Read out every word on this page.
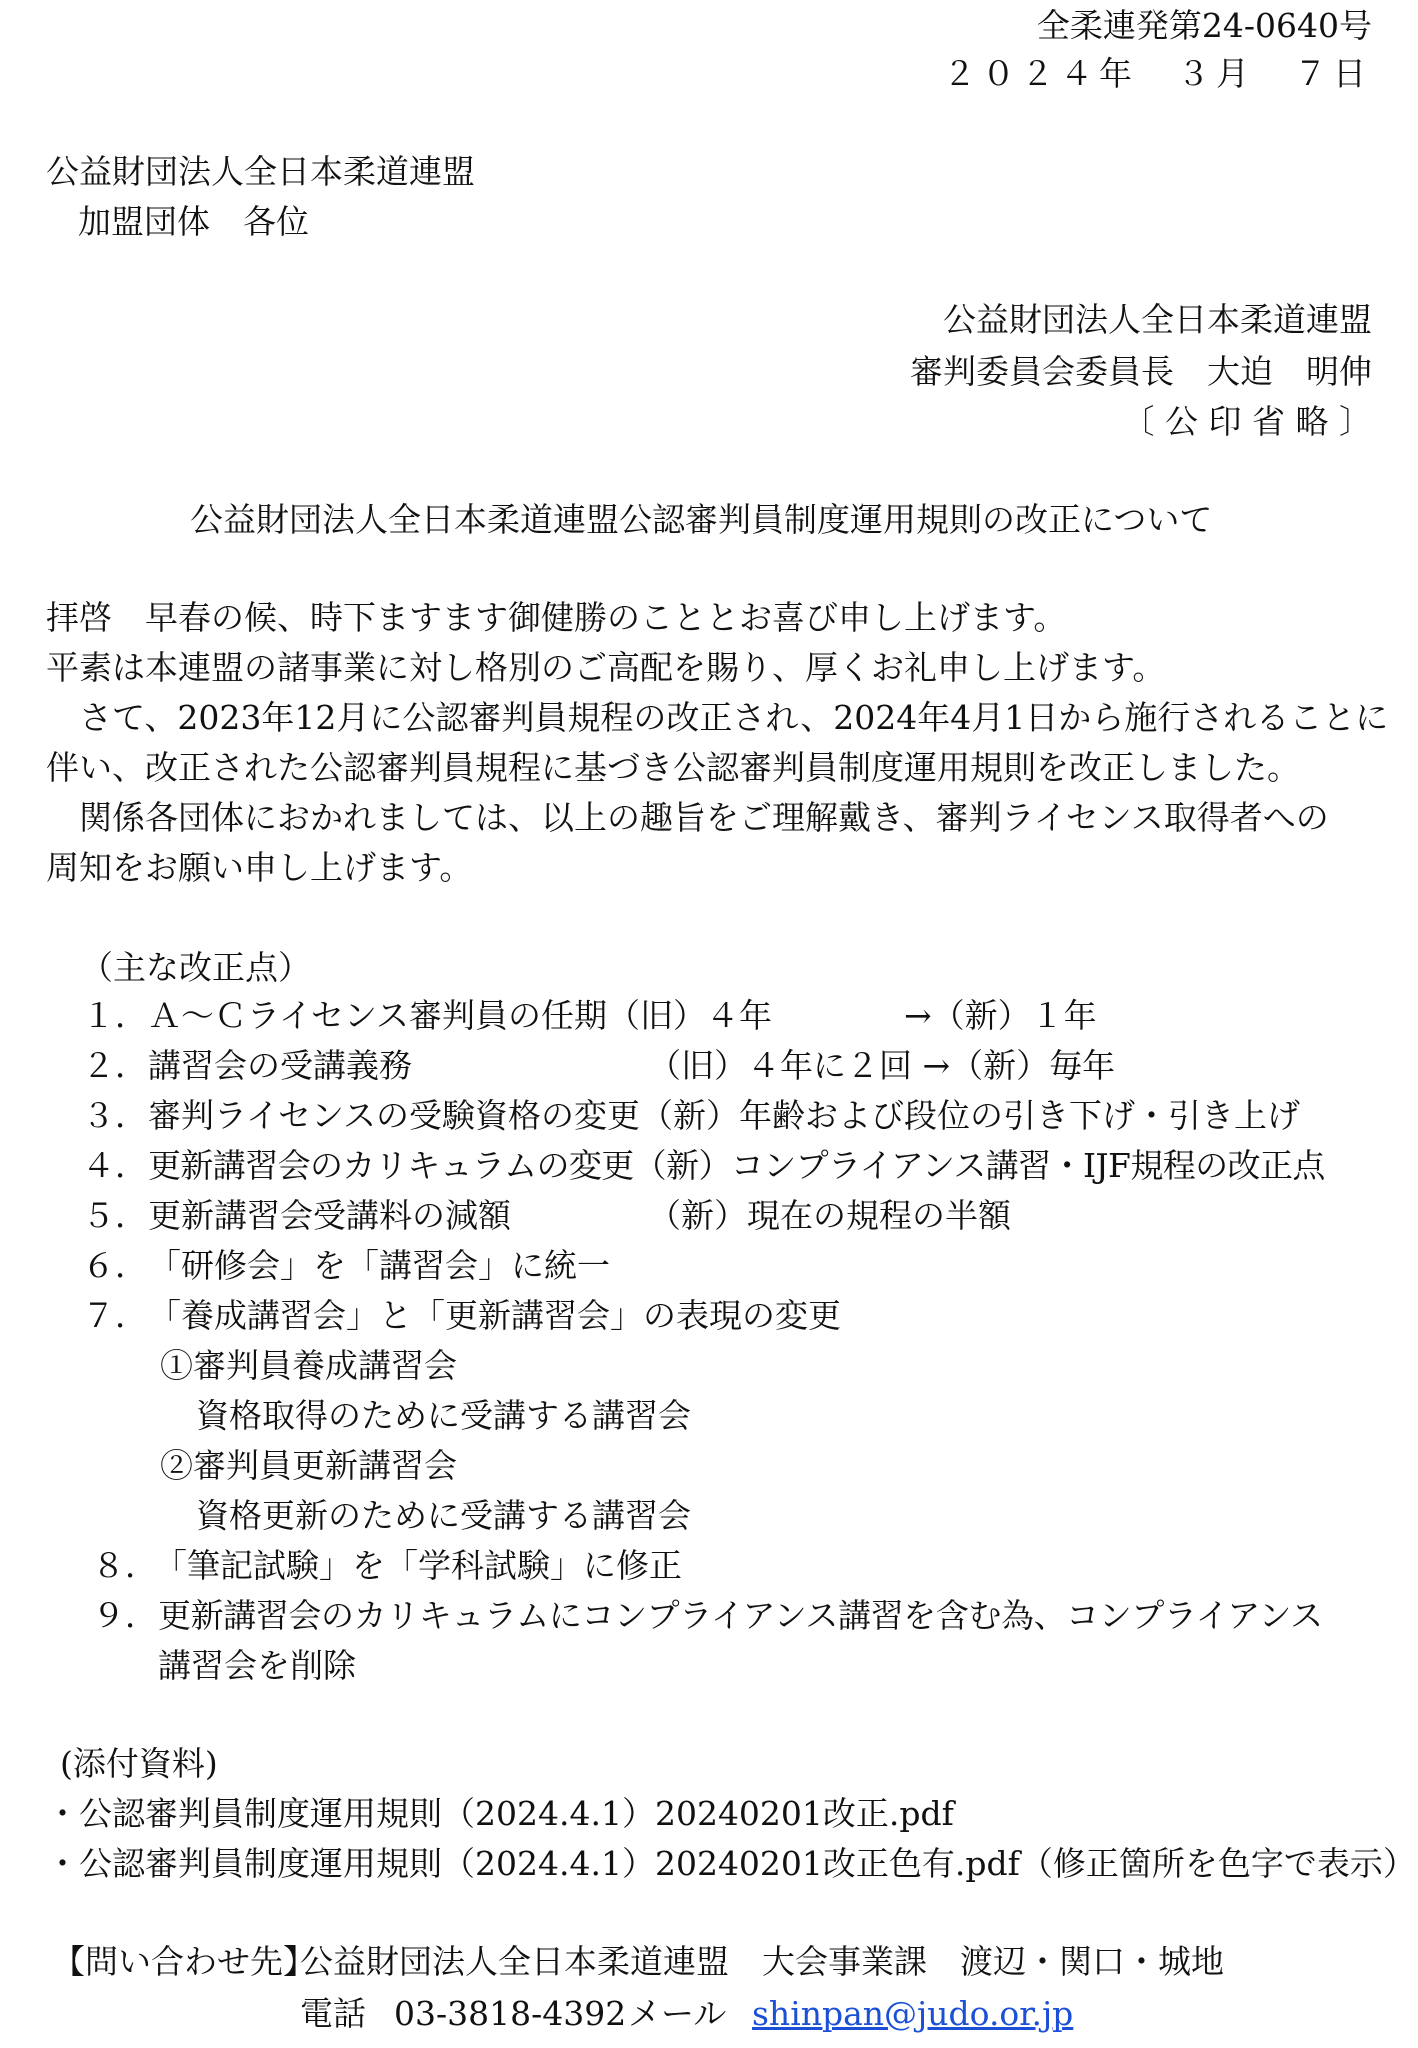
全柔連発第24-0640号
２０２４年　３月　７日
公益財団法人全日本柔道連盟
加盟団体　各位
公益財団法人全日本柔道連盟
審判委員会委員長　大迫　明伸
〔 公 印 省 略 〕
公益財団法人全日本柔道連盟公認審判員制度運用規則の改正について
拝啓　早春の候、時下ますます御健勝のこととお喜び申し上げます。
平素は本連盟の諸事業に対し格別のご高配を賜り、厚くお礼申し上げます。
　さて、2023年12月に公認審判員規程の改正され、2024年4月1日から施行されることに
伴い、改正された公認審判員規程に基づき公認審判員制度運用規則を改正しました。
　関係各団体におかれましては、以上の趣旨をご理解戴き、審判ライセンス取得者への
周知をお願い申し上げます。
（主な改正点）
１． Ａ～Ｃライセンス審判員の任期（旧）４年	→（新）１年
２． 講習会の受講義務	（旧）４年に２回 →（新）毎年
３． 審判ライセンスの受験資格の変更（新）年齢および段位の引き下げ・引き上げ
４． 更新講習会のカリキュラムの変更（新）コンプライアンス講習・IJF規程の改正点
５． 更新講習会受講料の減額	（新）現在の規程の半額
６． 「研修会」を「講習会」に統一
７． 「養成講習会」と「更新講習会」の表現の変更
①審判員養成講習会
資格取得のために受講する講習会
②審判員更新講習会
資格更新のために受講する講習会
８．
「筆記試験」を「学科試験」に修正
９． 更新講習会のカリキュラムにコンプライアンス講習を含む為、コンプライアンス
講習会を削除
(添付資料)
・公認審判員制度運用規則（2024.4.1）20240201改正.pdf
・公認審判員制度運用規則（2024.4.1）20240201改正色有.pdf（修正箇所を色字で表示）
【問い合わせ先】
公益財団法人全日本柔道連盟　大会事業課　渡辺・関口・城地
電話 03-3818-4392 メール shinpan@judo.or.jp
